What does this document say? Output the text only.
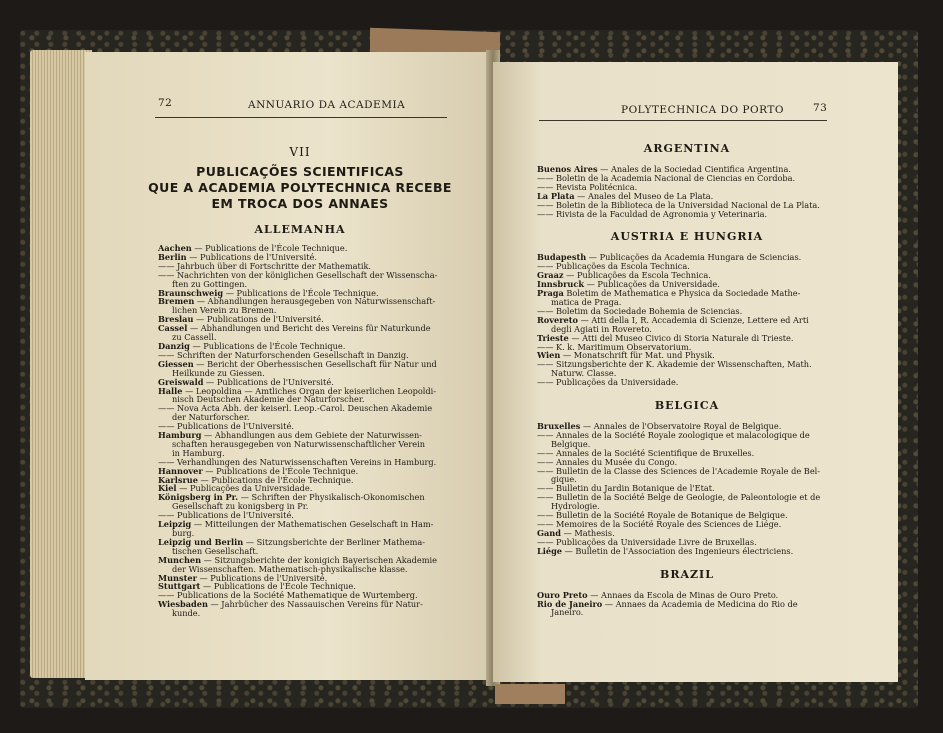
72	ANNUARIO DA ACADEMIA
VII
PUBLICAÇÕES SCIENTIFICAS
QUE A ACADEMIA POLYTECHNICA RECEBE
EM TROCA DOS ANNAES
ALLEMANHA
Aachen — Publications de l'École Technique.
Berlin — Publications de l'Université.
—— Jahrbuch über di Fortschritte der Mathematik.
—— Nachrichten von der königlichen Gesellschaft der Wissenscha-
ften zu Gottingen.
Braunschweig — Publications de l'École Technique.
Bremen — Abhandlungen herausgegeben von Naturwissenschaft-
lichen Verein zu Bremen.
Breslau — Publications de l'Université.
Cassel — Abhandlungen und Bericht des Vereins für Naturkunde
zu Cassell.
Danzig — Publications de l'École Technique.
—— Schriften der Naturforschenden Gesellschaft in Danzig.
Giessen — Bericht der Oberhessischen Gesellschaft für Natur und
Heilkunde zu Giessen.
Greiswald — Publications de l'Université.
Halle — Leopoldina — Amtliches Organ der keiserlichen Leopoldi-
nisch Deutschen Akademie der Naturforscher.
—— Nova Acta Abh. der keiserl. Leop.-Carol. Deuschen Akademie
der Naturforscher.
—— Publications de l'Université.
Hamburg — Abhandlungen aus dem Gebiete der Naturwissen-
schaften herausgegeben von Naturwissenschaftlicher Verein
in Hamburg.
—— Verhandlungen des Naturwissenschaften Vereins in Hamburg.
Hannover — Publications de l'École Technique.
Karlsrue — Publications de l'École Technique.
Kiel — Publicações da Universidade.
Königsberg in Pr. — Schriften der Physikalisch-Okonomischen
Gesellschaft zu konigsberg in Pr.
—— Publications de l'Université.
Leipzig — Mitteilungen der Mathematischen Geselschaft in Ham-
burg.
Leipzig und Berlin — Sitzungsberichte der Berliner Mathema-
tischen Gesellschaft.
Munchen — Sitzungsberichte der konigich Bayerischen Akademie
der Wissenschaften. Mathematisch-physikalische klasse.
Munster — Publications de l'Université.
Stuttgart — Publications de l'École Technique.
—— Publications de la Société Mathematique de Wurtemberg.
Wiesbaden — Jahrbücher des Nassauischen Vereins für Natur-
kunde.
POLYTECHNICA DO PORTO	73
ARGENTINA
Buenos Aires — Anales de la Sociedad Cientifica Argentina.
—— Boletin de la Academia Nacional de Ciencias en Cordoba.
—— Revista Politécnica.
La Plata — Anales del Museo de La Plata.
—— Boletin de la Biblioteca de la Universidad Nacional de La Plata.
—— Rivista de la Faculdad de Agronomia y Veterinaria.
AUSTRIA E HUNGRIA
Budapesth — Publicações da Academia Hungara de Sciencias.
—— Publicações da Escola Technica.
Graaz — Publicações da Escola Technica.
Innsbruck — Publicações da Universidade.
Praga Boletim de Mathematica e Physica da Sociedade Mathe-
matica de Praga.
—— Boletim da Sociedade Bohemia de Sciencias.
Rovereto — Atti della I, R. Accademia di Scienze, Lettere ed Arti
degli Agiati in Rovereto.
Trieste — Atti del Museo Civico di Storia Naturale di Trieste.
—— K. k. Maritimum Observatorium.
Wien — Monatschrift für Mat. und Physik.
—— Sitzungsberichte der K. Akademie der Wissenschaften, Math.
Naturw. Classe.
—— Publicações da Universidade.
BELGICA
Bruxelles — Annales de l'Observatoire Royal de Belgique.
—— Annales de la Société Royale zoologique et malacologique de
Belgique.
—— Annales de la Société Scientifique de Bruxelles.
—— Annales du Musée du Congo.
—— Bulletin de la Classe des Sciences de l'Academie Royale de Bel-
gique.
—— Bulletin du Jardin Botanique de l'Etat.
—— Bulletin de la Société Belge de Geologie, de Paleontologie et de
Hydrologie.
—— Bulletin de la Société Royale de Botanique de Belgique.
—— Memoires de la Société Royale des Sciences de Liége.
Gand — Mathesis.
—— Publicações da Universidade Livre de Bruxellas.
Liége — Bulletin de l'Association des Ingenieurs électriciens.
BRAZIL
Ouro Preto — Annaes da Escola de Minas de Ouro Preto.
Rio de Janeiro — Annaes da Academia de Medicina do Rio de
Janeiro.
